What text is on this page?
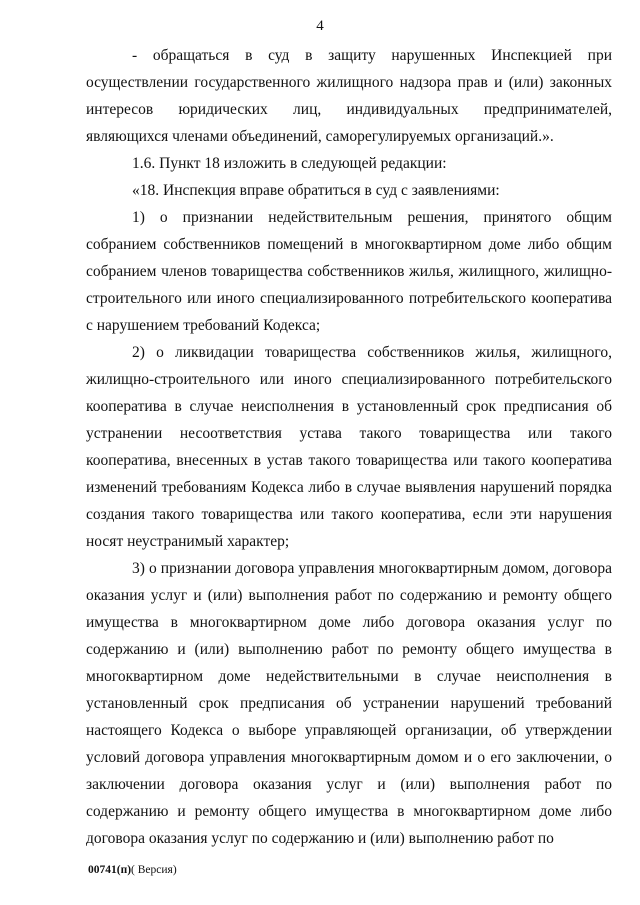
4

- обращаться в суд в защиту нарушенных Инспекцией при осуществлении государственного жилищного надзора прав и (или) законных интересов юридических лиц, индивидуальных предпринимателей, являющихся членами объединений, саморегулируемых организаций.».

1.6. Пункт 18 изложить в следующей редакции:

«18. Инспекция вправе обратиться в суд с заявлениями:

1) о признании недействительным решения, принятого общим собранием собственников помещений в многоквартирном доме либо общим собранием членов товарищества собственников жилья, жилищного, жилищно-строительного или иного специализированного потребительского кооператива с нарушением требований Кодекса;

2) о ликвидации товарищества собственников жилья, жилищного, жилищно-строительного или иного специализированного потребительского кооператива в случае неисполнения в установленный срок предписания об устранении несоответствия устава такого товарищества или такого кооператива, внесенных в устав такого товарищества или такого кооператива изменений требованиям Кодекса либо в случае выявления нарушений порядка создания такого товарищества или такого кооператива, если эти нарушения носят неустранимый характер;

3) о признании договора управления многоквартирным домом, договора оказания услуг и (или) выполнения работ по содержанию и ремонту общего имущества в многоквартирном доме либо договора оказания услуг по содержанию и (или) выполнению работ по ремонту общего имущества в многоквартирном доме недействительными в случае неисполнения в установленный срок предписания об устранении нарушений требований настоящего Кодекса о выборе управляющей организации, об утверждении условий договора управления многоквартирным домом и о его заключении, о заключении договора оказания услуг и (или) выполнения работ по содержанию и ремонту общего имущества в многоквартирном доме либо договора оказания услуг по содержанию и (или) выполнению работ по

00741(п)( Версия)
